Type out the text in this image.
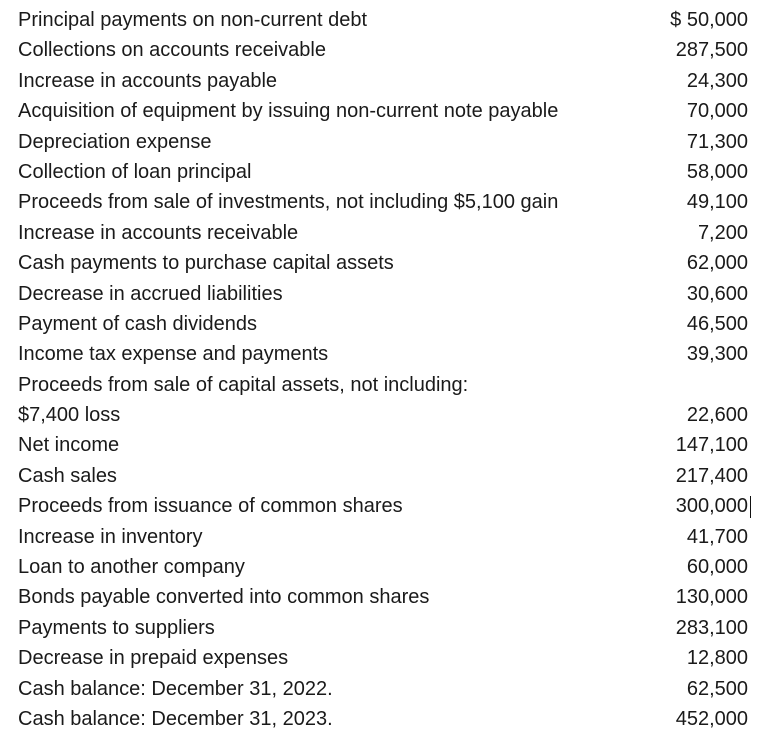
Principal payments on non-current debt	$ 50,000
Collections on accounts receivable	287,500
Increase in accounts payable	24,300
Acquisition of equipment by issuing non-current note payable	70,000
Depreciation expense	71,300
Collection of loan principal	58,000
Proceeds from sale of investments, not including $5,100 gain	49,100
Increase in accounts receivable	7,200
Cash payments to purchase capital assets	62,000
Decrease in accrued liabilities	30,600
Payment of cash dividends	46,500
Income tax expense and payments	39,300
Proceeds from sale of capital assets, not including:
$7,400 loss	22,600
Net income	147,100
Cash sales	217,400
Proceeds from issuance of common shares	300,000
Increase in inventory	41,700
Loan to another company	60,000
Bonds payable converted into common shares	130,000
Payments to suppliers	283,100
Decrease in prepaid expenses	12,800
Cash balance: December 31, 2022.	62,500
Cash balance: December 31, 2023.	452,000
